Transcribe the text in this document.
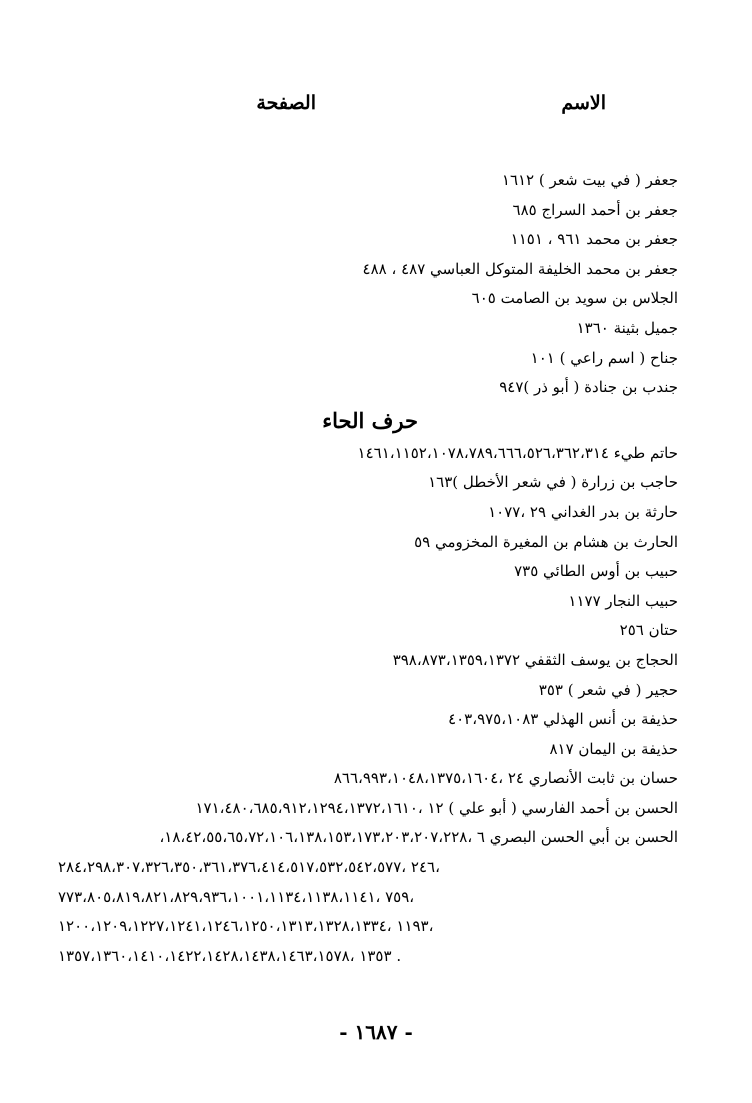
الاسم
الصفحة
جعفر ( في بيت شعر ) ١٦١٢
جعفر بن أحمد السراج ٦٨٥
جعفر بن محمد ٩٦١ ، ١١٥١
جعفر بن محمد الخليفة المتوكل العباسي ٤٨٧ ، ٤٨٨
الجلاس بن سويد بن الصامت ٦٠٥
جميل بثينة ١٣٦٠
جناح ( اسم راعي ) ١٠١
جندب بن جنادة ( أبو ذر )٩٤٧
حرف الحاء
حاتم طيء ١٤٦١،١١٥٢،١٠٧٨،٧٨٩،٦٦٦،٥٢٦،٣٦٢،٣١٤
حاجب بن زرارة ( في شعر الأخطل )١٦٣
حارثة بن بدر الغداني ٢٩ ،١٠٧٧
الحارث بن هشام بن المغيرة المخزومي ٥٩
حبيب بن أوس الطائي ٧٣٥
حبيب النجار ١١٧٧
حتان ٢٥٦
الحجاج بن يوسف الثقفي ٣٩٨،٨٧٣،١٣٥٩،١٣٧٢
حجير ( في شعر ) ٣٥٣
حذيفة بن أنس الهذلي ٤٠٣،٩٧٥،١٠٨٣
حذيفة بن اليمان ٨١٧
حسان بن ثابت الأنصاري ٢٤ ،٨٦٦،٩٩٣،١٠٤٨،١٣٧٥،١٦٠٤
الحسن بن أحمد الفارسي ( أبو علي ) ١٢ ،١٧١،٤٨٠،٦٨٥،٩١٢،١٢٩٤،١٣٧٢،١٦١٠
الحسن بن أبي الحسن البصري ٦ ،١٨،٤٢،٥٥،٦٥،٧٢،١٠٦،١٣٨،١٥٣،١٧٣،٢٠٣،٢٠٧،٢٢٨،
٢٤٦ ،٢٨٤،٢٩٨،٣٠٧،٣٢٦،٣٥٠،٣٦١،٣٧٦،٤١٤،٥١٧،٥٣٢،٥٤٢،٥٧٧،
٧٥٩ ،٧٧٣،٨٠٥،٨١٩،٨٢١،٨٢٩،٩٣٦،١٠٠١،١١٣٤،١١٣٨،١١٤١،
١١٩٣ ،١٢٠٠،١٢٠٩،١٢٢٧،١٢٤١،١٢٤٦،١٢٥٠،١٣١٣،١٣٢٨،١٣٣٤،
١٣٥٣ ،١٣٥٧،١٣٦٠،١٤١٠،١٤٢٢،١٤٢٨،١٤٣٨،١٤٦٣،١٥٧٨ .
- ١٦٨٧ -
